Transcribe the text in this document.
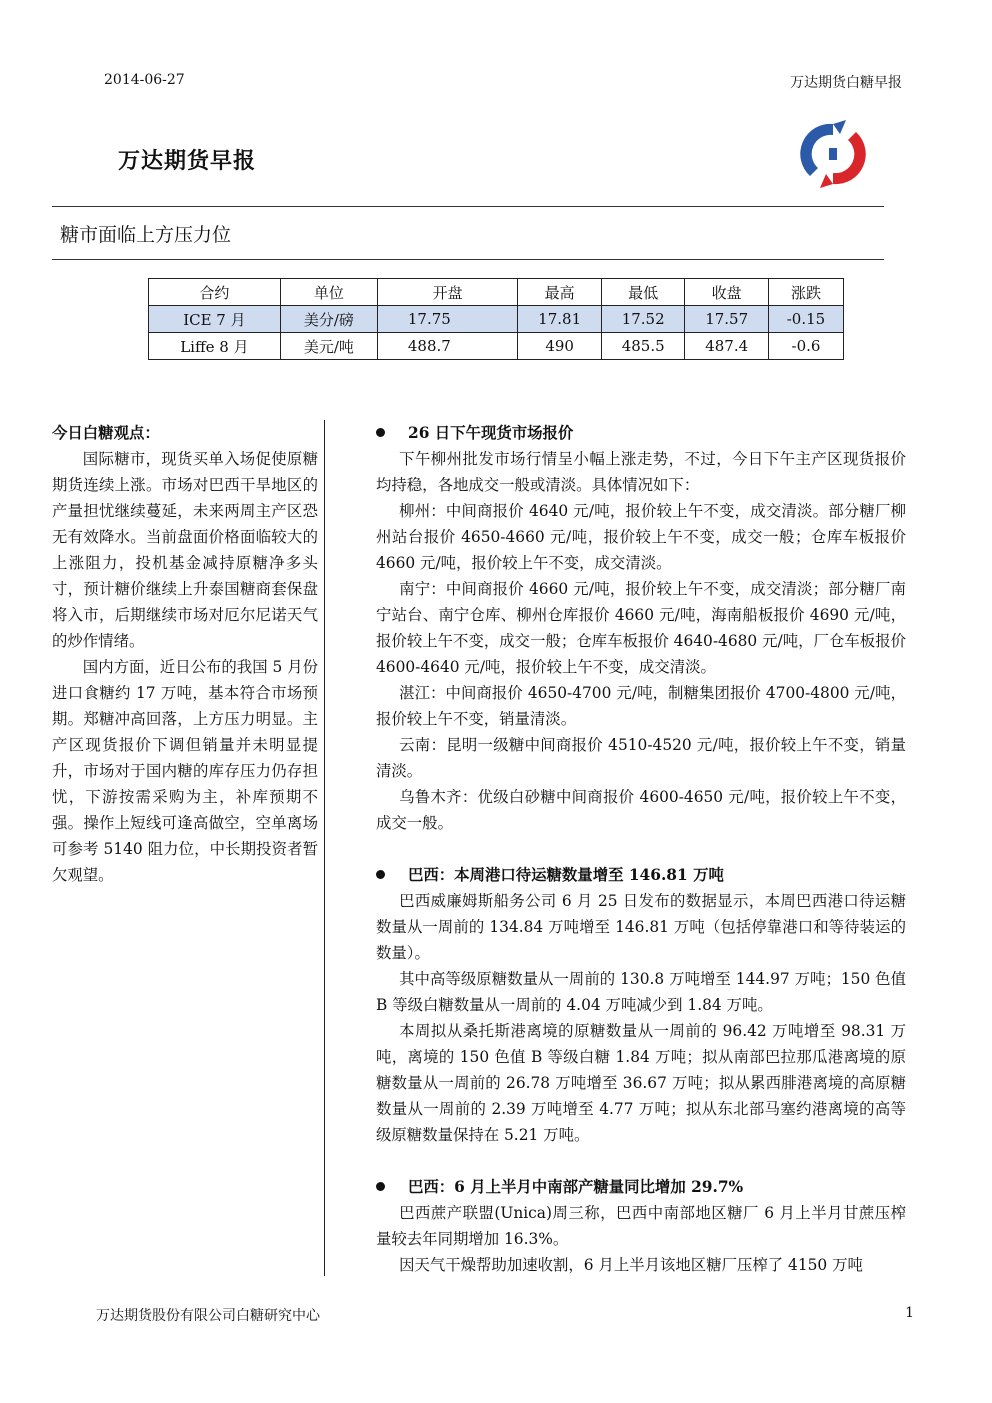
2014-06-27	万达期货白糖早报
万达期货早报
糖市面临上方压力位
合约	单位	开盘	最高	最低	收盘	涨跌
ICE 7 月	美分/磅	17.75	17.81	17.52	17.57	-0.15
Liffe 8 月	美元/吨	488.7	490	485.5	487.4	-0.6
今日白糖观点：

国际糖市，现货买单入场促使原糖期货连续上涨。市场对巴西干旱地区的产量担忧继续蔓延，未来两周主产区恐无有效降水。当前盘面价格面临较大的上涨阻力，投机基金减持原糖净多头寸，预计糖价继续上升泰国糖商套保盘将入市，后期继续市场对厄尔尼诺天气的炒作情绪。

国内方面，近日公布的我国 5 月份进口食糖约 17 万吨，基本符合市场预期。郑糖冲高回落，上方压力明显。主产区现货报价下调但销量并未明显提升，市场对于国内糖的库存压力仍存担忧，下游按需采购为主，补库预期不强。操作上短线可逢高做空，空单离场可参考 5140 阻力位，中长期投资者暂欠观望。

26 日下午现货市场报价

下午柳州批发市场行情呈小幅上涨走势，不过，今日下午主产区现货报价均持稳，各地成交一般或清淡。具体情况如下：

柳州：中间商报价 4640 元/吨，报价较上午不变，成交清淡。部分糖厂柳州站台报价 4650-4660 元/吨，报价较上午不变，成交一般；仓库车板报价 4660 元/吨，报价较上午不变，成交清淡。

南宁：中间商报价 4660 元/吨，报价较上午不变，成交清淡；部分糖厂南宁站台、南宁仓库、柳州仓库报价 4660 元/吨，海南船板报价 4690 元/吨，报价较上午不变，成交一般；仓库车板报价 4640-4680 元/吨，厂仓车板报价 4600-4640 元/吨，报价较上午不变，成交清淡。

湛江：中间商报价 4650-4700 元/吨，制糖集团报价 4700-4800 元/吨，报价较上午不变，销量清淡。

云南：昆明一级糖中间商报价 4510-4520 元/吨，报价较上午不变，销量清淡。

乌鲁木齐：优级白砂糖中间商报价 4600-4650 元/吨，报价较上午不变，成交一般。

巴西：本周港口待运糖数量增至 146.81 万吨

巴西威廉姆斯船务公司 6 月 25 日发布的数据显示，本周巴西港口待运糖数量从一周前的 134.84 万吨增至 146.81 万吨（包括停靠港口和等待装运的数量）。

其中高等级原糖数量从一周前的 130.8 万吨增至 144.97 万吨；150 色值 B 等级白糖数量从一周前的 4.04 万吨减少到 1.84 万吨。

本周拟从桑托斯港离境的原糖数量从一周前的 96.42 万吨增至 98.31 万吨，离境的 150 色值 B 等级白糖 1.84 万吨；拟从南部巴拉那瓜港离境的原糖数量从一周前的 26.78 万吨增至 36.67 万吨；拟从累西腓港离境的高原糖数量从一周前的 2.39 万吨增至 4.77 万吨；拟从东北部马塞约港离境的高等级原糖数量保持在 5.21 万吨。

巴西：6 月上半月中南部产糖量同比增加 29.7%

巴西蔗产联盟(Unica)周三称，巴西中南部地区糖厂 6 月上半月甘蔗压榨量较去年同期增加 16.3%。

因天气干燥帮助加速收割，6 月上半月该地区糖厂压榨了 4150 万吨

万达期货股份有限公司白糖研究中心	1
